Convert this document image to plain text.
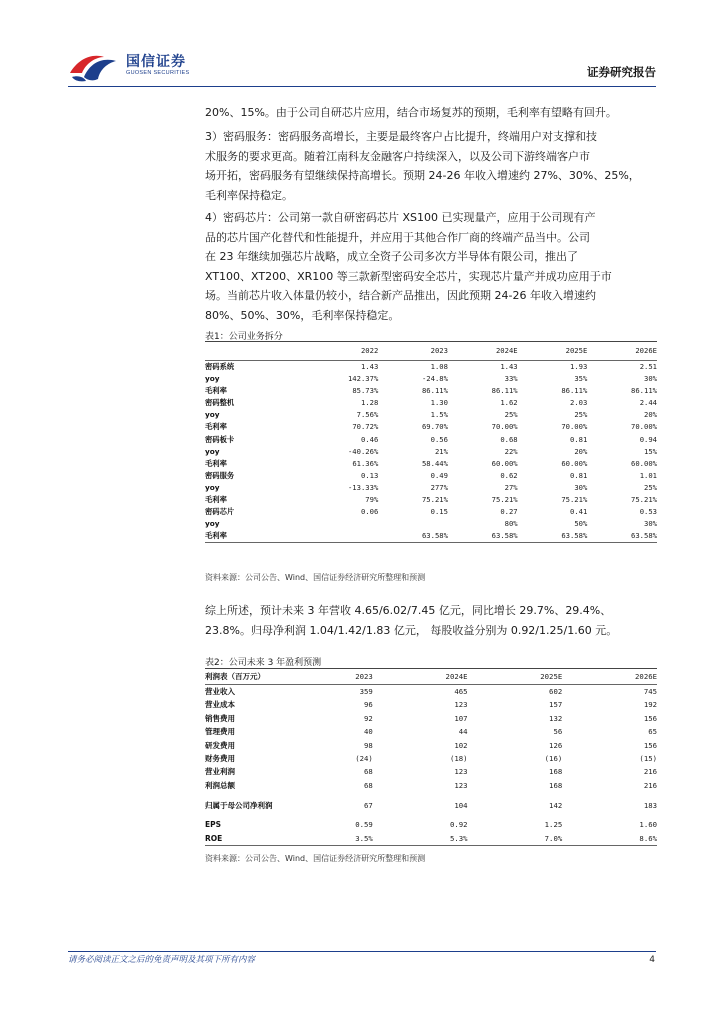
国信证券
GUOSEN SECURITIES	证券研究报告
20%、15%。由于公司自研芯片应用，结合市场复苏的预期，毛利率有望略有回升。
3）密码服务：密码服务高增长，主要是最终客户占比提升，终端用户对支撑和技
术服务的要求更高。随着江南科友金融客户持续深入，以及公司下游终端客户市
场开拓，密码服务有望继续保持高增长。预期 24-26 年收入增速约 27%、30%、25%，
毛利率保持稳定。
4）密码芯片：公司第一款自研密码芯片 XS100 已实现量产，应用于公司现有产
品的芯片国产化替代和性能提升，并应用于其他合作厂商的终端产品当中。公司
在 23 年继续加强芯片战略，成立全资子公司多次方半导体有限公司，推出了
XT100、XT200、XR100 等三款新型密码安全芯片，实现芯片量产并成功应用于市
场。当前芯片收入体量仍较小，结合新产品推出，因此预期 24-26 年收入增速约
80%、50%、30%，毛利率保持稳定。
表1：公司业务拆分
	2022	2023	2024E	2025E	2026E
密码系统	1.43	1.08	1.43	1.93	2.51
yoy	142.37%	-24.8%	33%	35%	30%
毛利率	85.73%	86.11%	86.11%	86.11%	86.11%
密码整机	1.28	1.30	1.62	2.03	2.44
yoy	7.56%	1.5%	25%	25%	20%
毛利率	70.72%	69.70%	70.00%	70.00%	70.00%
密码板卡	0.46	0.56	0.68	0.81	0.94
yoy	-40.26%	21%	22%	20%	15%
毛利率	61.36%	58.44%	60.00%	60.00%	60.00%
密码服务	0.13	0.49	0.62	0.81	1.01
yoy	-13.33%	277%	27%	30%	25%
毛利率	79%	75.21%	75.21%	75.21%	75.21%
密码芯片	0.06	0.15	0.27	0.41	0.53
yoy			80%	50%	30%
毛利率		63.58%	63.58%	63.58%	63.58%
资料来源：公司公告、Wind、国信证券经济研究所整理和预测
综上所述，预计未来 3 年营收 4.65/6.02/7.45 亿元，同比增长 29.7%、29.4%、
23.8%。归母净利润 1.04/1.42/1.83 亿元， 每股收益分别为 0.92/1.25/1.60 元。
表2：公司未来 3 年盈利预测
利润表（百万元）	2023	2024E	2025E	2026E
营业收入	359	465	602	745
营业成本	96	123	157	192
销售费用	92	107	132	156
管理费用	40	44	56	65
研发费用	98	102	126	156
财务费用	(24)	(18)	(16)	(15)
营业利润	68	123	168	216
利润总额	68	123	168	216
归属于母公司净利润	67	104	142	183
EPS	0.59	0.92	1.25	1.60
ROE	3.5%	5.3%	7.0%	8.6%
资料来源：公司公告、Wind、国信证券经济研究所整理和预测
请务必阅读正文之后的免责声明及其项下所有内容	4
